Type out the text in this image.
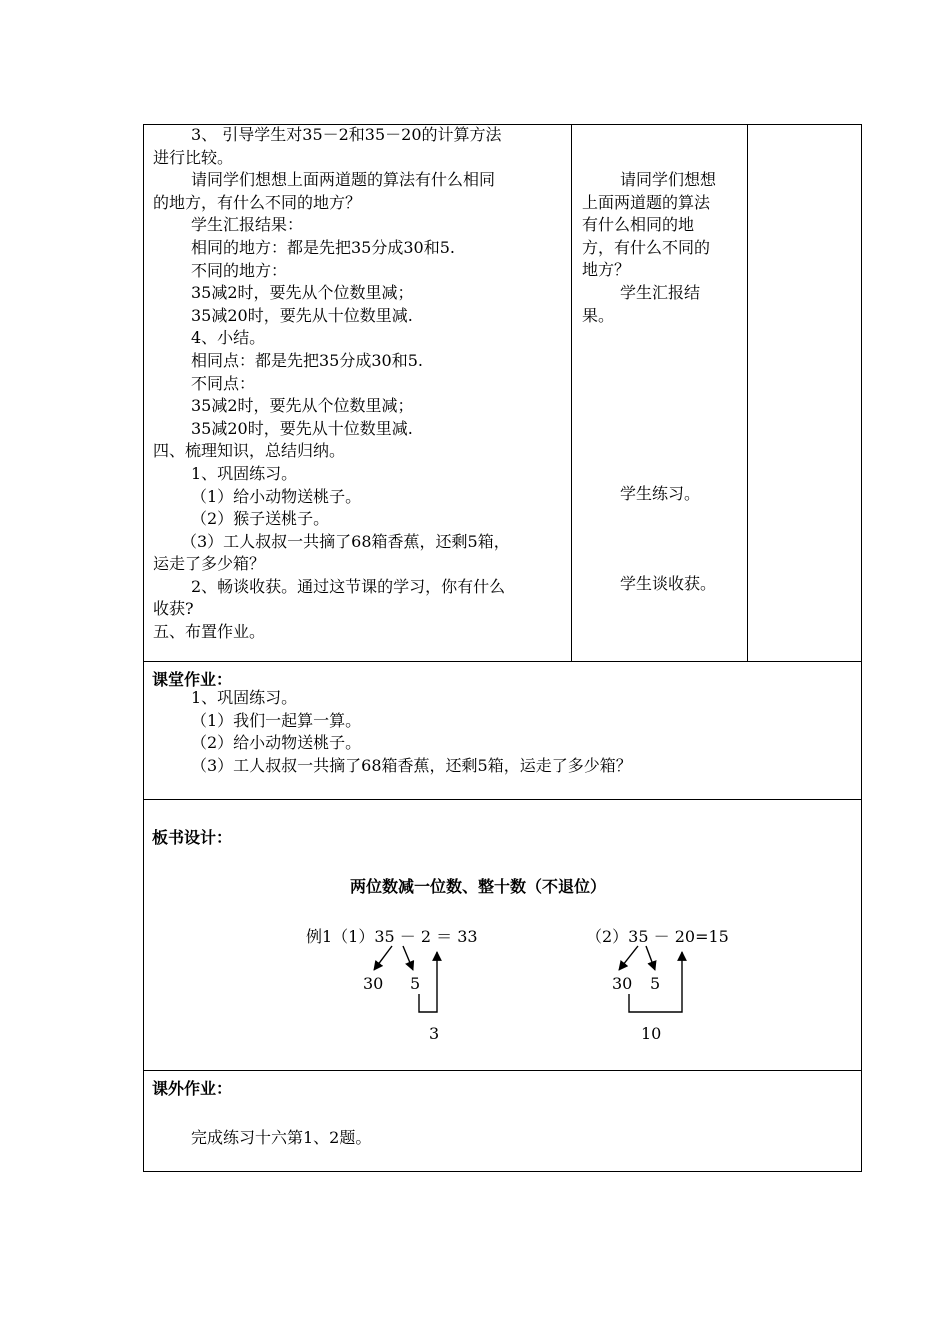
3、 引导学生对35－2和35－20的计算方法

进行比较。

请同学们想想上面两道题的算法有什么相同

的地方，有什么不同的地方？

学生汇报结果：

相同的地方：都是先把35分成30和5.

不同的地方：

35减2时，要先从个位数里减；

35减20时，要先从十位数里减.

4、小结。

相同点：都是先把35分成30和5.

不同点：

35减2时，要先从个位数里减；

35减20时，要先从十位数里减.

四、梳理知识，总结归纳。

1、巩固练习。

（1）给小动物送桃子。

（2）猴子送桃子。

（3）工人叔叔一共摘了68箱香蕉，还剩5箱，

运走了多少箱？

2、畅谈收获。通过这节课的学习，你有什么

收获?

五、布置作业。

请同学们想想

上面两道题的算法

有什么相同的地

方，有什么不同的

地方？

学生汇报结

果。

学生练习。

学生谈收获。

课堂作业：

1、巩固练习。

（1）我们一起算一算。

（2）给小动物送桃子。

（3）工人叔叔一共摘了68箱香蕉，还剩5箱，运走了多少箱？

板书设计：
两位数减一位数、整十数（不退位）
例1（1）35 － 2 ＝ 33
30 5
3
（2）35 － 20=15
30 5
10
课外作业：
完成练习十六第1、2题。
